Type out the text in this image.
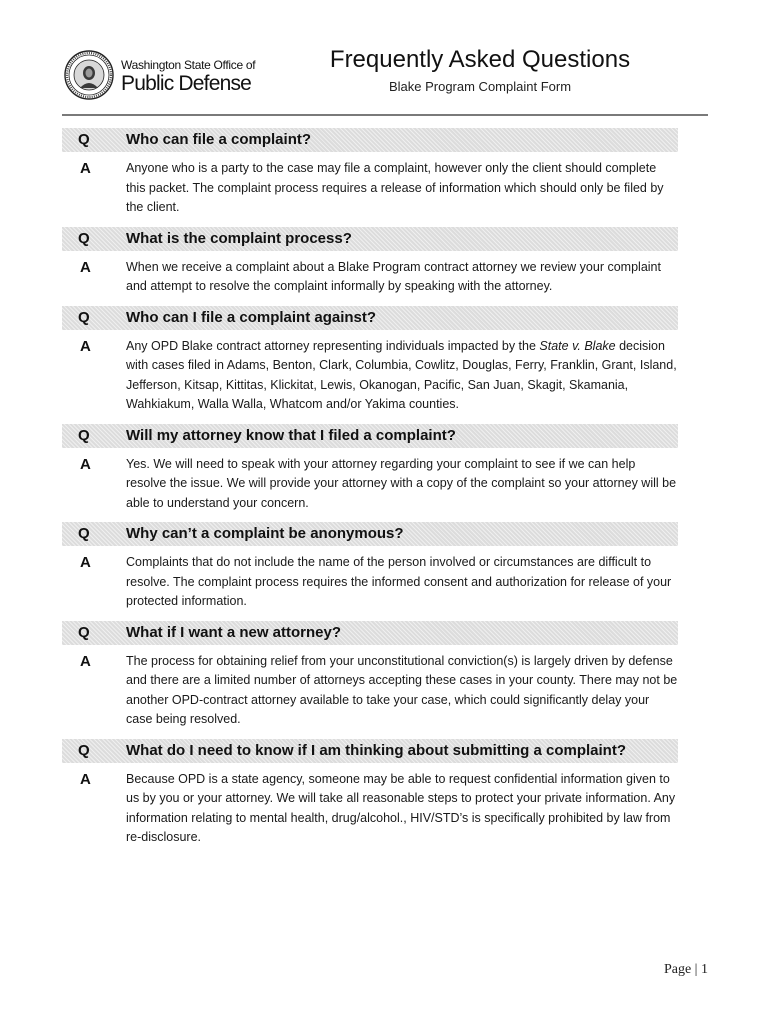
Washington State Office of
Public Defense
Frequently Asked Questions
Blake Program Complaint Form
Q Who can file a complaint?
A	Anyone who is a party to the case may file a complaint, however only the client should complete this packet. The complaint process requires a release of information which should only be filed by the client.
Q What is the complaint process?
A	When we receive a complaint about a Blake Program contract attorney we review your complaint and attempt to resolve the complaint informally by speaking with the attorney.
Q Who can I file a complaint against?
A	Any OPD Blake contract attorney representing individuals impacted by the State v. Blake decision with cases filed in Adams, Benton, Clark, Columbia, Cowlitz, Douglas, Ferry, Franklin, Grant, Island, Jefferson, Kitsap, Kittitas, Klickitat, Lewis, Okanogan, Pacific, San Juan, Skagit, Skamania, Wahkiakum, Walla Walla, Whatcom and/or Yakima counties.
Q Will my attorney know that I filed a complaint?
A	Yes. We will need to speak with your attorney regarding your complaint to see if we can help resolve the issue. We will provide your attorney with a copy of the complaint so your attorney will be able to understand your concern.
Q Why can’t a complaint be anonymous?
A	Complaints that do not include the name of the person involved or circumstances are difficult to resolve. The complaint process requires the informed consent and authorization for release of your protected information.
Q What if I want a new attorney?
A	The process for obtaining relief from your unconstitutional conviction(s) is largely driven by defense and there are a limited number of attorneys accepting these cases in your county. There may not be another OPD-contract attorney available to take your case, which could significantly delay your case being resolved.
Q What do I need to know if I am thinking about submitting a complaint?
A	Because OPD is a state agency, someone may be able to request confidential information given to us by you or your attorney. We will take all reasonable steps to protect your private information. Any information relating to mental health, drug/alcohol., HIV/STD’s is specifically prohibited by law from re-disclosure.
Page | 1
